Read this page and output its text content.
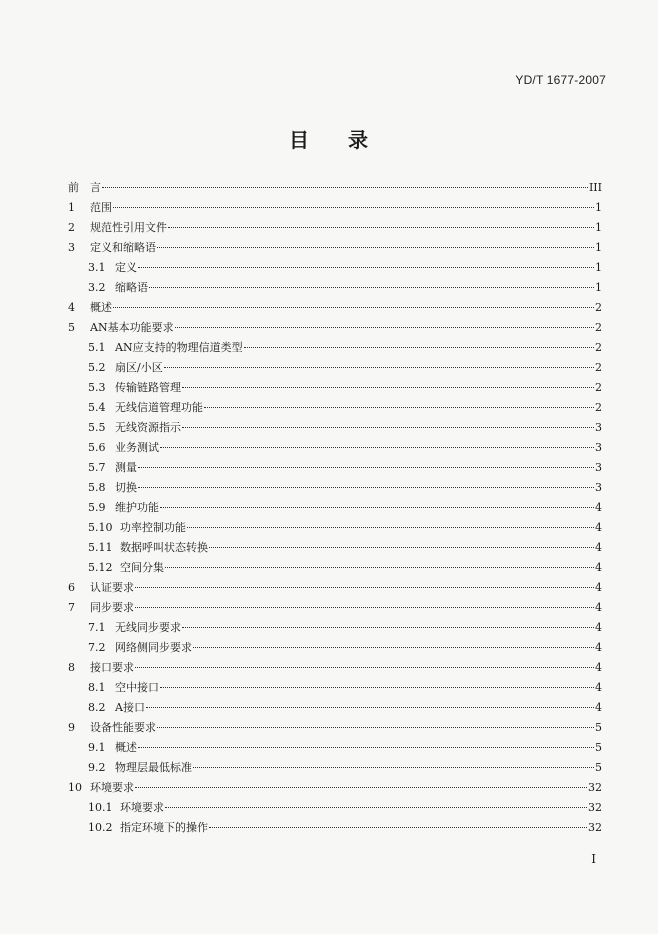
YD/T 1677-2007
目 录
前	言	III
1	范围	1
2	规范性引用文件	1
3	定义和缩略语	1
3.1 定义	1
3.2 缩略语	1
4	概述	2
5	AN基本功能要求	2
5.1 AN应支持的物理信道类型	2
5.2 扇区/小区	2
5.3 传输链路管理	2
5.4 无线信道管理功能	2
5.5 无线资源指示	3
5.6 业务测试	3
5.7 测量	3
5.8 切换	3
5.9 维护功能	4
5.10 功率控制功能	4
5.11 数据呼叫状态转换	4
5.12 空间分集	4
6	认证要求	4
7	同步要求	4
7.1 无线同步要求	4
7.2 网络侧同步要求	4
8	接口要求	4
8.1 空中接口	4
8.2 A接口	4
9	设备性能要求	5
9.1 概述	5
9.2 物理层最低标准	5
10 环境要求	32
10.1 环境要求	32
10.2 指定环境下的操作	32
I
